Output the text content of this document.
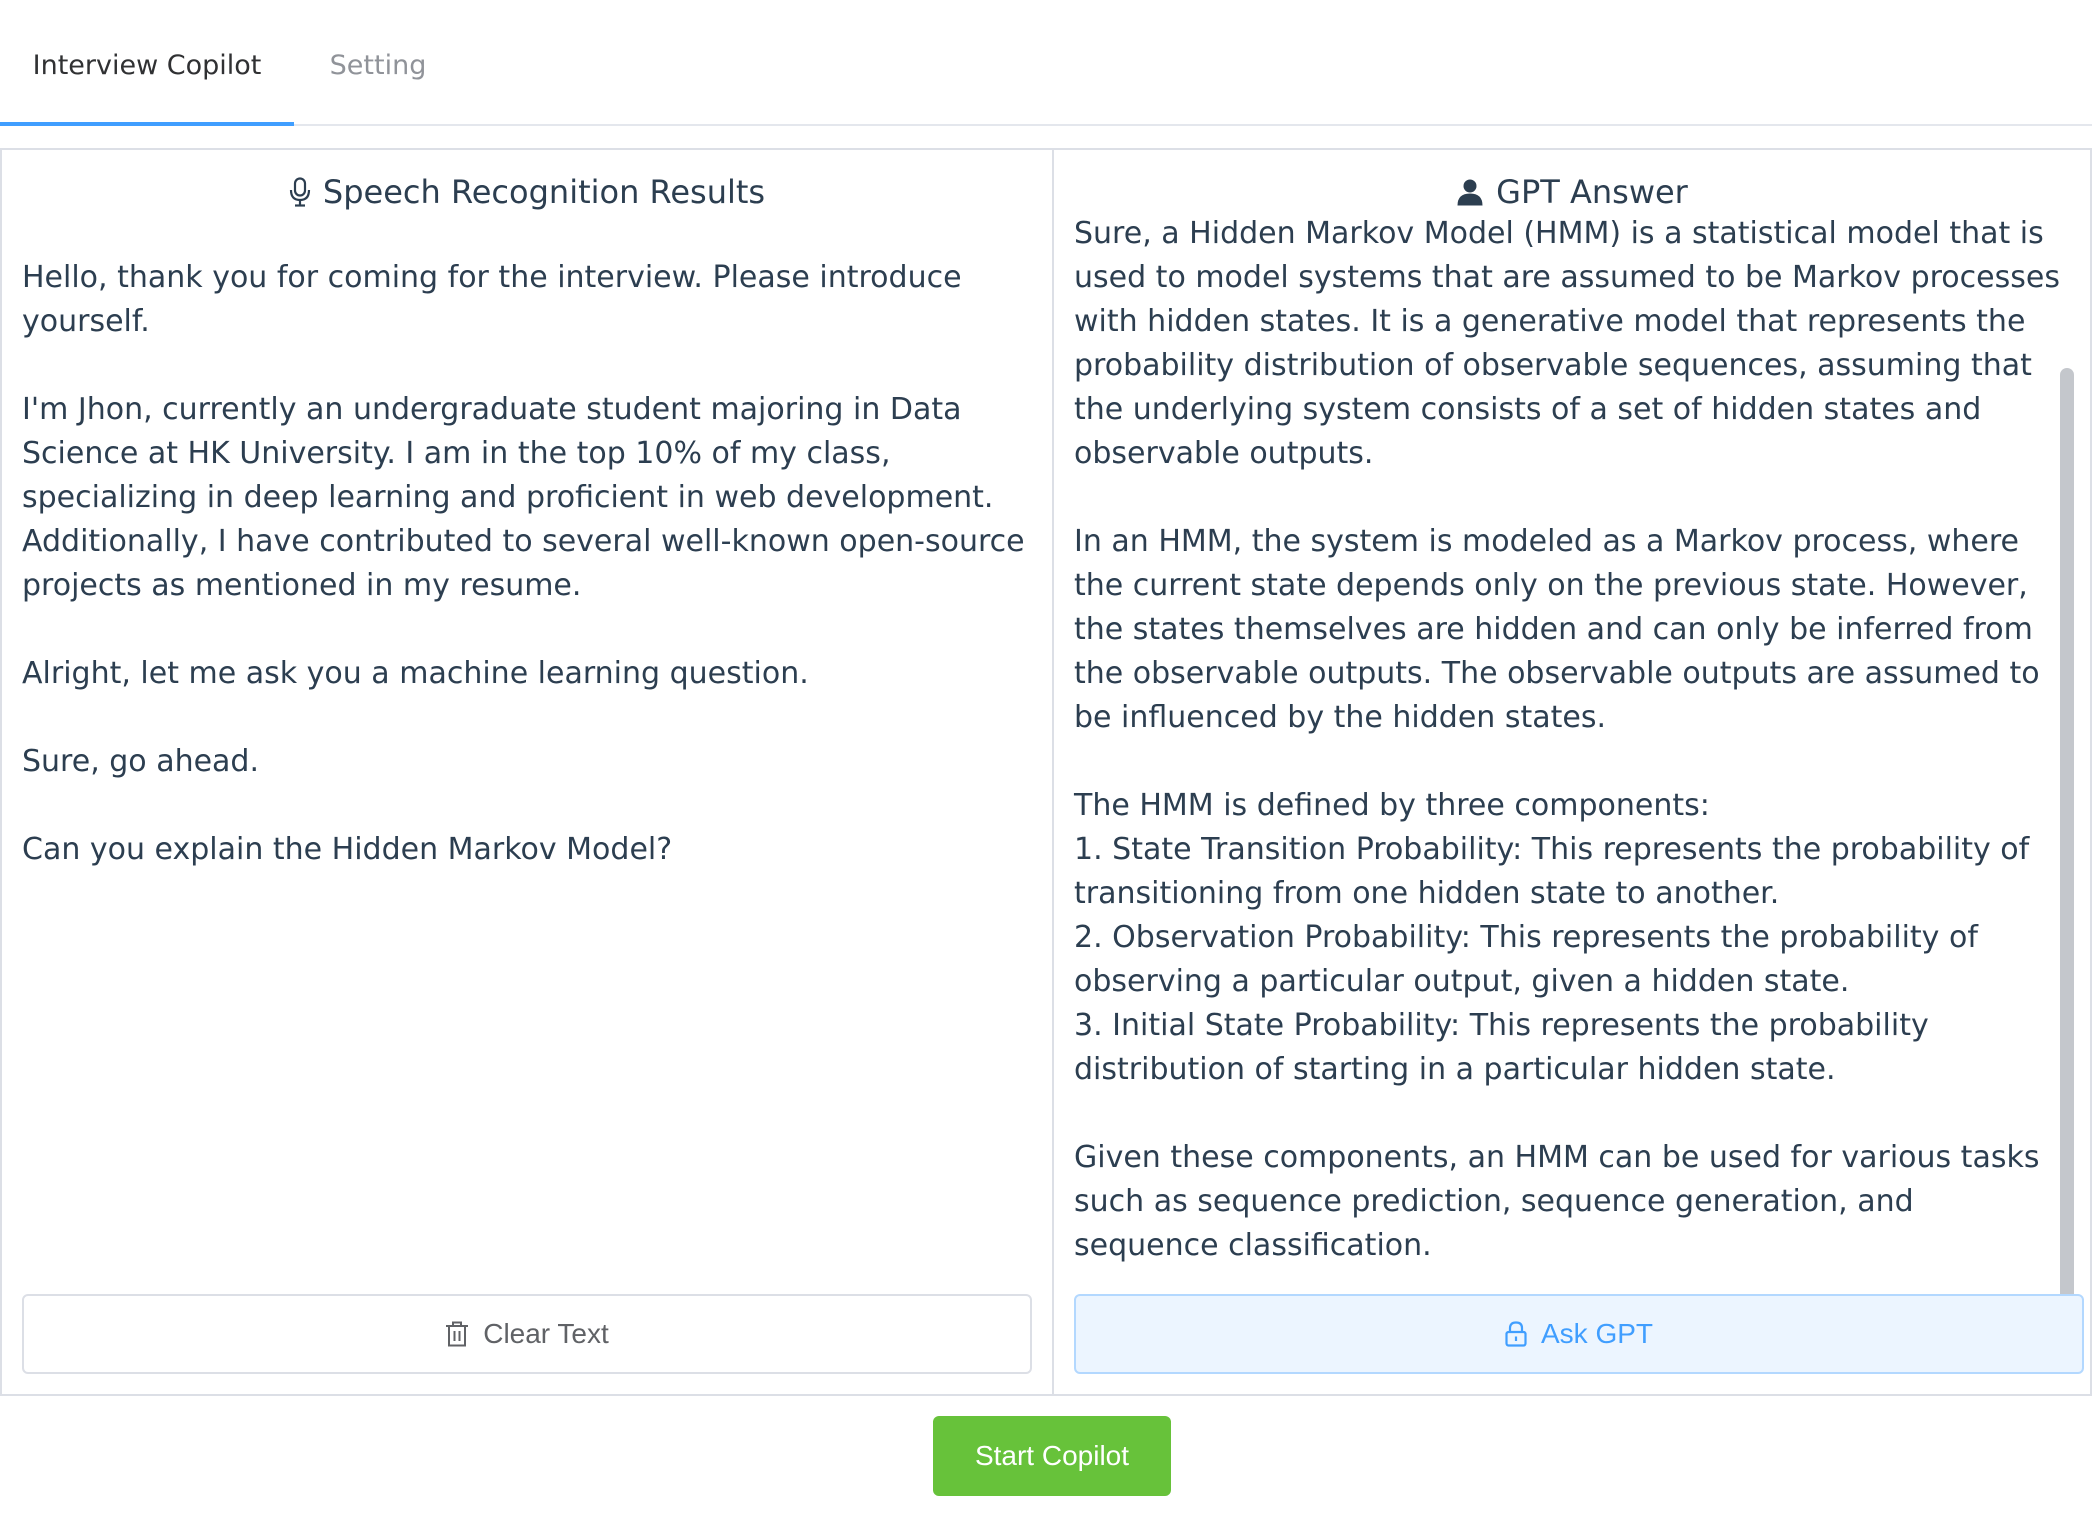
Interview Copilot	Setting
Speech Recognition Results
Hello, thank you for coming for the interview. Please introduce yourself.

I'm Jhon, currently an undergraduate student majoring in Data Science at HK University. I am in the top 10% of my class, specializing in deep learning and proficient in web development. Additionally, I have contributed to several well-known open-source projects as mentioned in my resume.

Alright, let me ask you a machine learning question.

Sure, go ahead.

Can you explain the Hidden Markov Model?
Clear Text
GPT Answer
Sure, a Hidden Markov Model (HMM) is a statistical model that is used to model systems that are assumed to be Markov processes with hidden states. It is a generative model that represents the probability distribution of observable sequences, assuming that the underlying system consists of a set of hidden states and observable outputs.

In an HMM, the system is modeled as a Markov process, where the current state depends only on the previous state. However, the states themselves are hidden and can only be inferred from the observable outputs. The observable outputs are assumed to be influenced by the hidden states.

The HMM is defined by three components:
1. State Transition Probability: This represents the probability of transitioning from one hidden state to another.
2. Observation Probability: This represents the probability of observing a particular output, given a hidden state.
3. Initial State Probability: This represents the probability distribution of starting in a particular hidden state.

Given these components, an HMM can be used for various tasks such as sequence prediction, sequence generation, and sequence classification.
Ask GPT
Start Copilot
